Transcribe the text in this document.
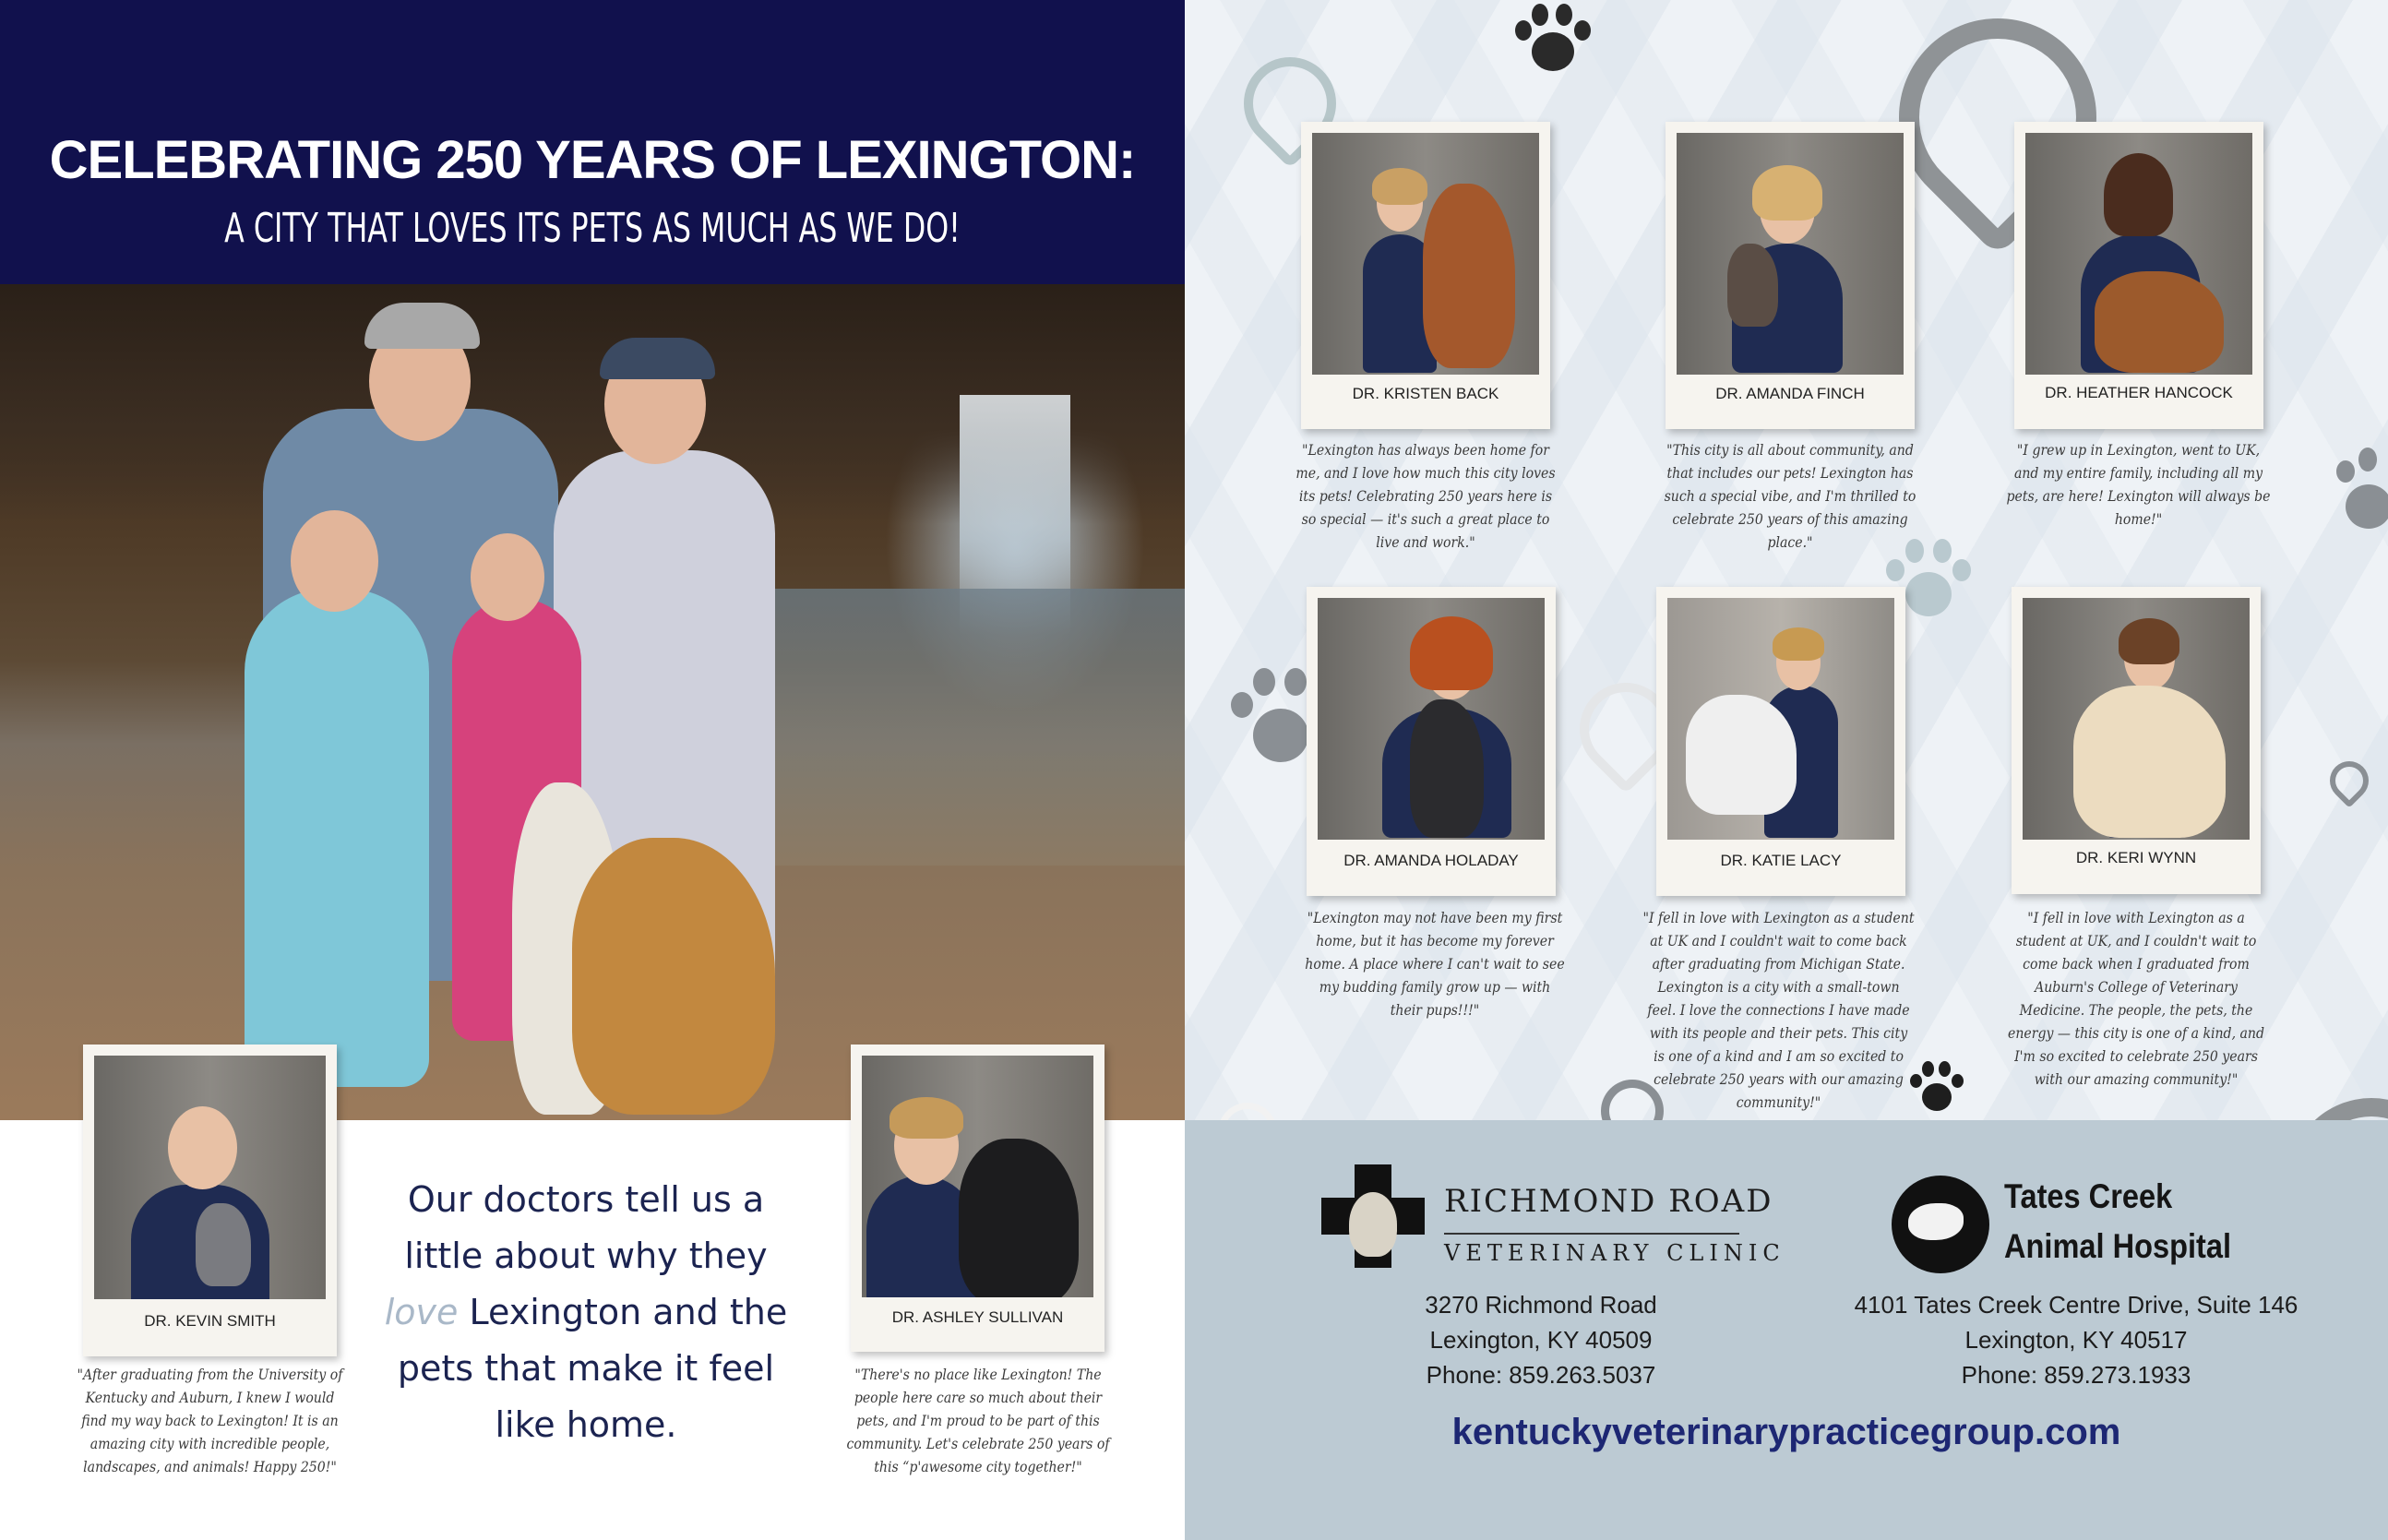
CELEBRATING 250 YEARS OF LEXINGTON:
A CITY THAT LOVES ITS PETS AS MUCH AS WE DO!
DR. KEVIN SMITH
"After graduating from the University of Kentucky and Auburn, I knew I would find my way back to Lexington! It is an amazing city with incredible people, landscapes, and animals! Happy 250!"
Our doctors tell us a little about why they love Lexington and the pets that make it feel like home.
DR. ASHLEY SULLIVAN
"There's no place like Lexington! The people here care so much about their pets, and I'm proud to be part of this community. Let's celebrate 250 years of this “p'awesome city together!"
DR. KRISTEN BACK
"Lexington has always been home for me, and I love how much this city loves its pets! Celebrating 250 years here is so special — it's such a great place to live and work."
DR. AMANDA FINCH
"This city is all about community, and that includes our pets! Lexington has such a special vibe, and I'm thrilled to celebrate 250 years of this amazing place."
DR. HEATHER HANCOCK
"I grew up in Lexington, went to UK, and my entire family, including all my pets, are here! Lexington will always be home!"
DR. AMANDA HOLADAY
"Lexington may not have been my first home, but it has become my forever home. A place where I can't wait to see my budding family grow up — with their pups!!!"
DR. KATIE LACY
"I fell in love with Lexington as a student at UK and I couldn't wait to come back after graduating from Michigan State. Lexington is a city with a small-town feel. I love the connections I have made with its people and their pets. This city is one of a kind and I am so excited to celebrate 250 years with our amazing community!"
DR. KERI WYNN
"I fell in love with Lexington as a student at UK, and I couldn't wait to come back when I graduated from Auburn's College of Veterinary Medicine. The people, the pets, the energy — this city is one of a kind, and I'm so excited to celebrate 250 years with our amazing community!"
RICHMOND ROAD
VETERINARY CLINIC
3270 Richmond Road
Lexington, KY 40509
Phone: 859.263.5037
Tates Creek
Animal Hospital
4101 Tates Creek Centre Drive, Suite 146
Lexington, KY 40517
Phone: 859.273.1933
kentuckyveterinarypracticegroup.com
